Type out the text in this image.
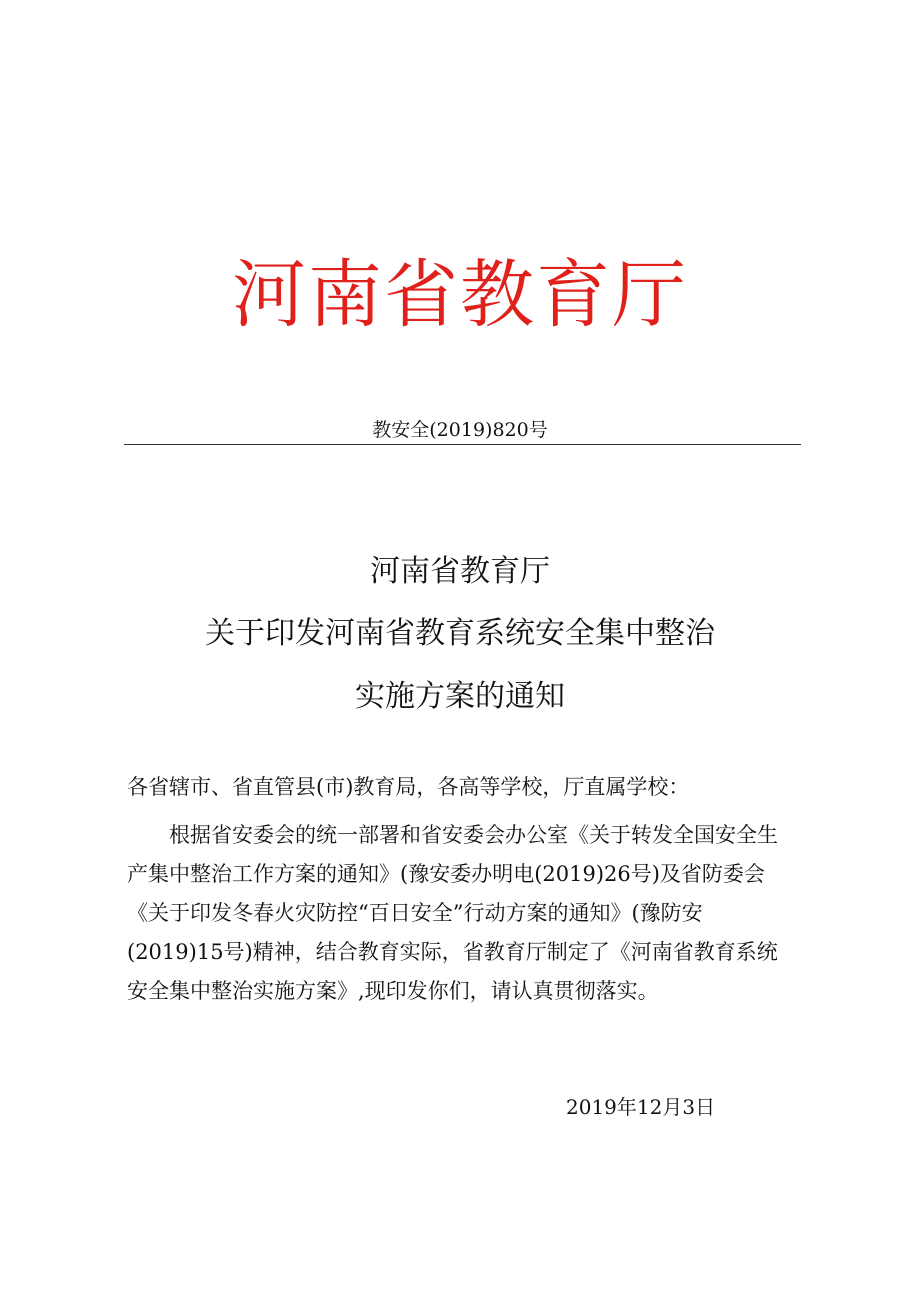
河南省教育厅
教安全(2019)820号
河南省教育厅
关于印发河南省教育系统安全集中整治
实施方案的通知
各省辖市、省直管县(市)教育局，各高等学校，厅直属学校：
根据省安委会的统一部署和省安委会办公室《关于转发全国安全生
产集中整治工作方案的通知》(豫安委办明电(2019)26号)及省防委会
《关于印发冬春火灾防控“百日安全”行动方案的通知》(豫防安
(2019)15号)精神，结合教育实际，省教育厅制定了《河南省教育系统
安全集中整治实施方案》,现印发你们，请认真贯彻落实。
2019年12月3日
